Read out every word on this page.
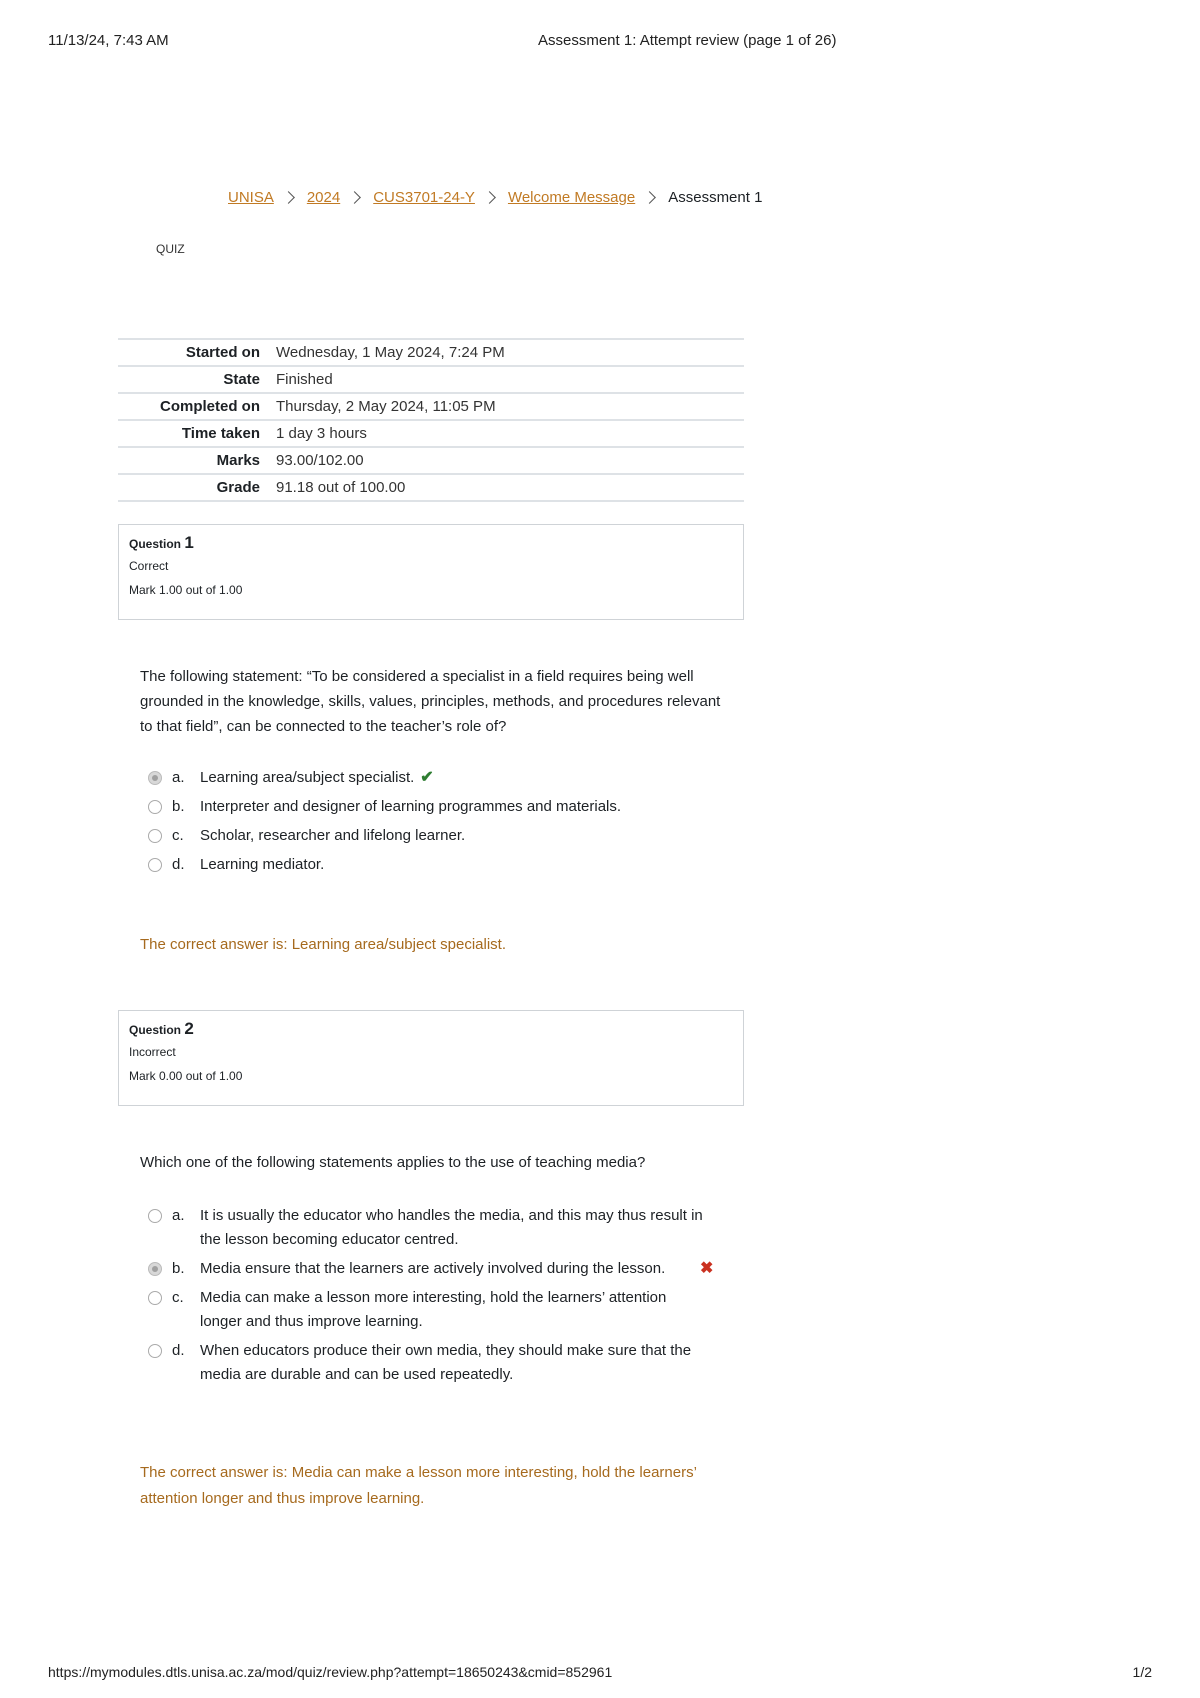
11/13/24, 7:43 AM	Assessment 1: Attempt review (page 1 of 26)
UNISA 2024 CUS3701-24-Y Welcome Message Assessment 1
QUIZ
Started on	Wednesday, 1 May 2024, 7:24 PM
State	Finished
Completed on	Thursday, 2 May 2024, 11:05 PM
Time taken	1 day 3 hours
Marks	93.00/102.00
Grade	91.18 out of 100.00
Question 1
Correct
Mark 1.00 out of 1.00
The following statement: “To be considered a specialist in a field requires being well grounded in the knowledge, skills, values, principles, methods, and procedures relevant to that field”, can be connected to the teacher’s role of?
a.	Learning area/subject specialist. ✔
b.	Interpreter and designer of learning programmes and materials.
c.	Scholar, researcher and lifelong learner.
d.	Learning mediator.
The correct answer is: Learning area/subject specialist.
Question 2
Incorrect
Mark 0.00 out of 1.00
Which one of the following statements applies to the use of teaching media?
a.	It is usually the educator who handles the media, and this may thus result in the lesson becoming educator centred.
b.	Media ensure that the learners are actively involved during the lesson. ✖
c.	Media can make a lesson more interesting, hold the learners’ attention longer and thus improve learning.
d.	When educators produce their own media, they should make sure that the media are durable and can be used repeatedly.
The correct answer is: Media can make a lesson more interesting, hold the learners’ attention longer and thus improve learning.
https://mymodules.dtls.unisa.ac.za/mod/quiz/review.php?attempt=18650243&cmid=852961	1/2
